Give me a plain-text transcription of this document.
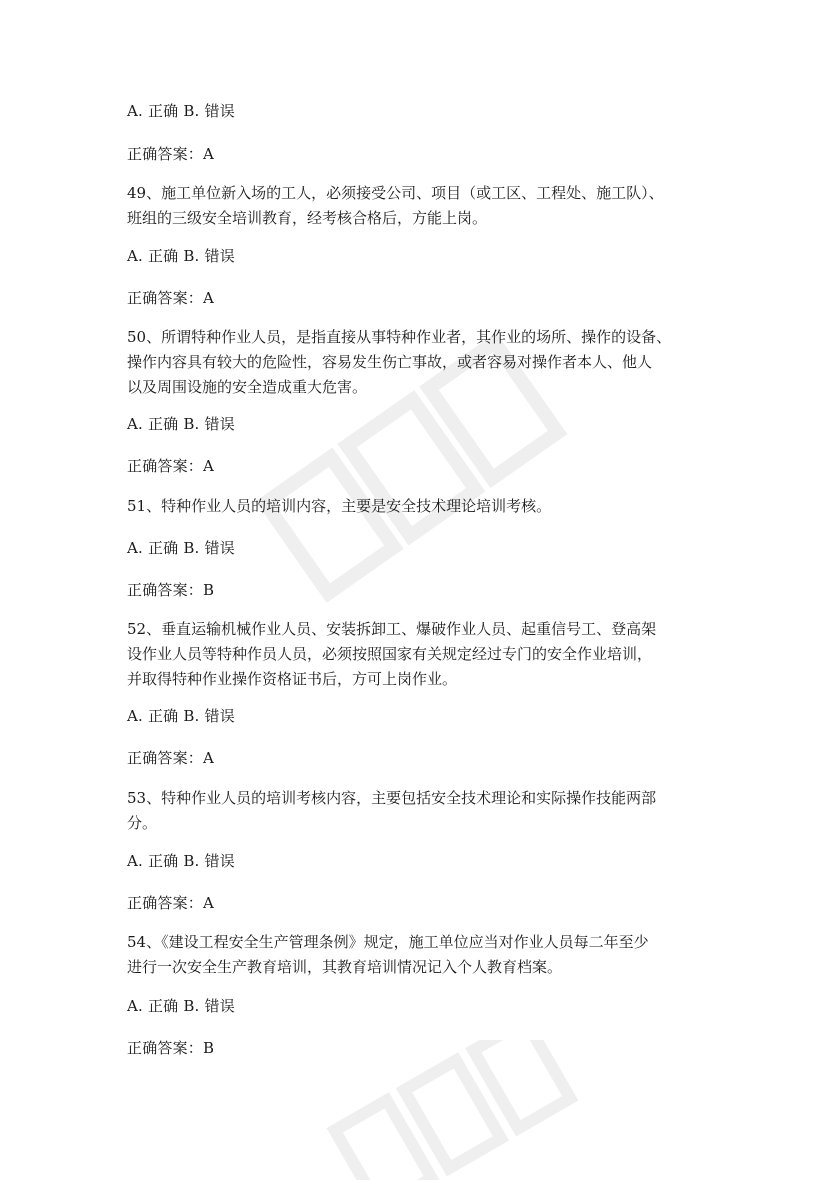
A. 正确 B. 错误
正确答案：A
49、施工单位新入场的工人，必须接受公司、项目（或工区、工程处、施工队）、
班组的三级安全培训教育，经考核合格后，方能上岗。
A. 正确 B. 错误
正确答案：A
50、所谓特种作业人员，是指直接从事特种作业者，其作业的场所、操作的设备、
操作内容具有较大的危险性，容易发生伤亡事故，或者容易对操作者本人、他人
以及周围设施的安全造成重大危害。
A. 正确 B. 错误
正确答案：A
51、特种作业人员的培训内容，主要是安全技术理论培训考核。
A. 正确 B. 错误
正确答案：B
52、垂直运输机械作业人员、安装拆卸工、爆破作业人员、起重信号工、登高架
设作业人员等特种作员人员，必须按照国家有关规定经过专门的安全作业培训，
并取得特种作业操作资格证书后，方可上岗作业。
A. 正确 B. 错误
正确答案：A
53、特种作业人员的培训考核内容，主要包括安全技术理论和实际操作技能两部
分。
A. 正确 B. 错误
正确答案：A
54、《建设工程安全生产管理条例》规定，施工单位应当对作业人员每二年至少
进行一次安全生产教育培训，其教育培训情况记入个人教育档案。
A. 正确 B. 错误
正确答案：B
